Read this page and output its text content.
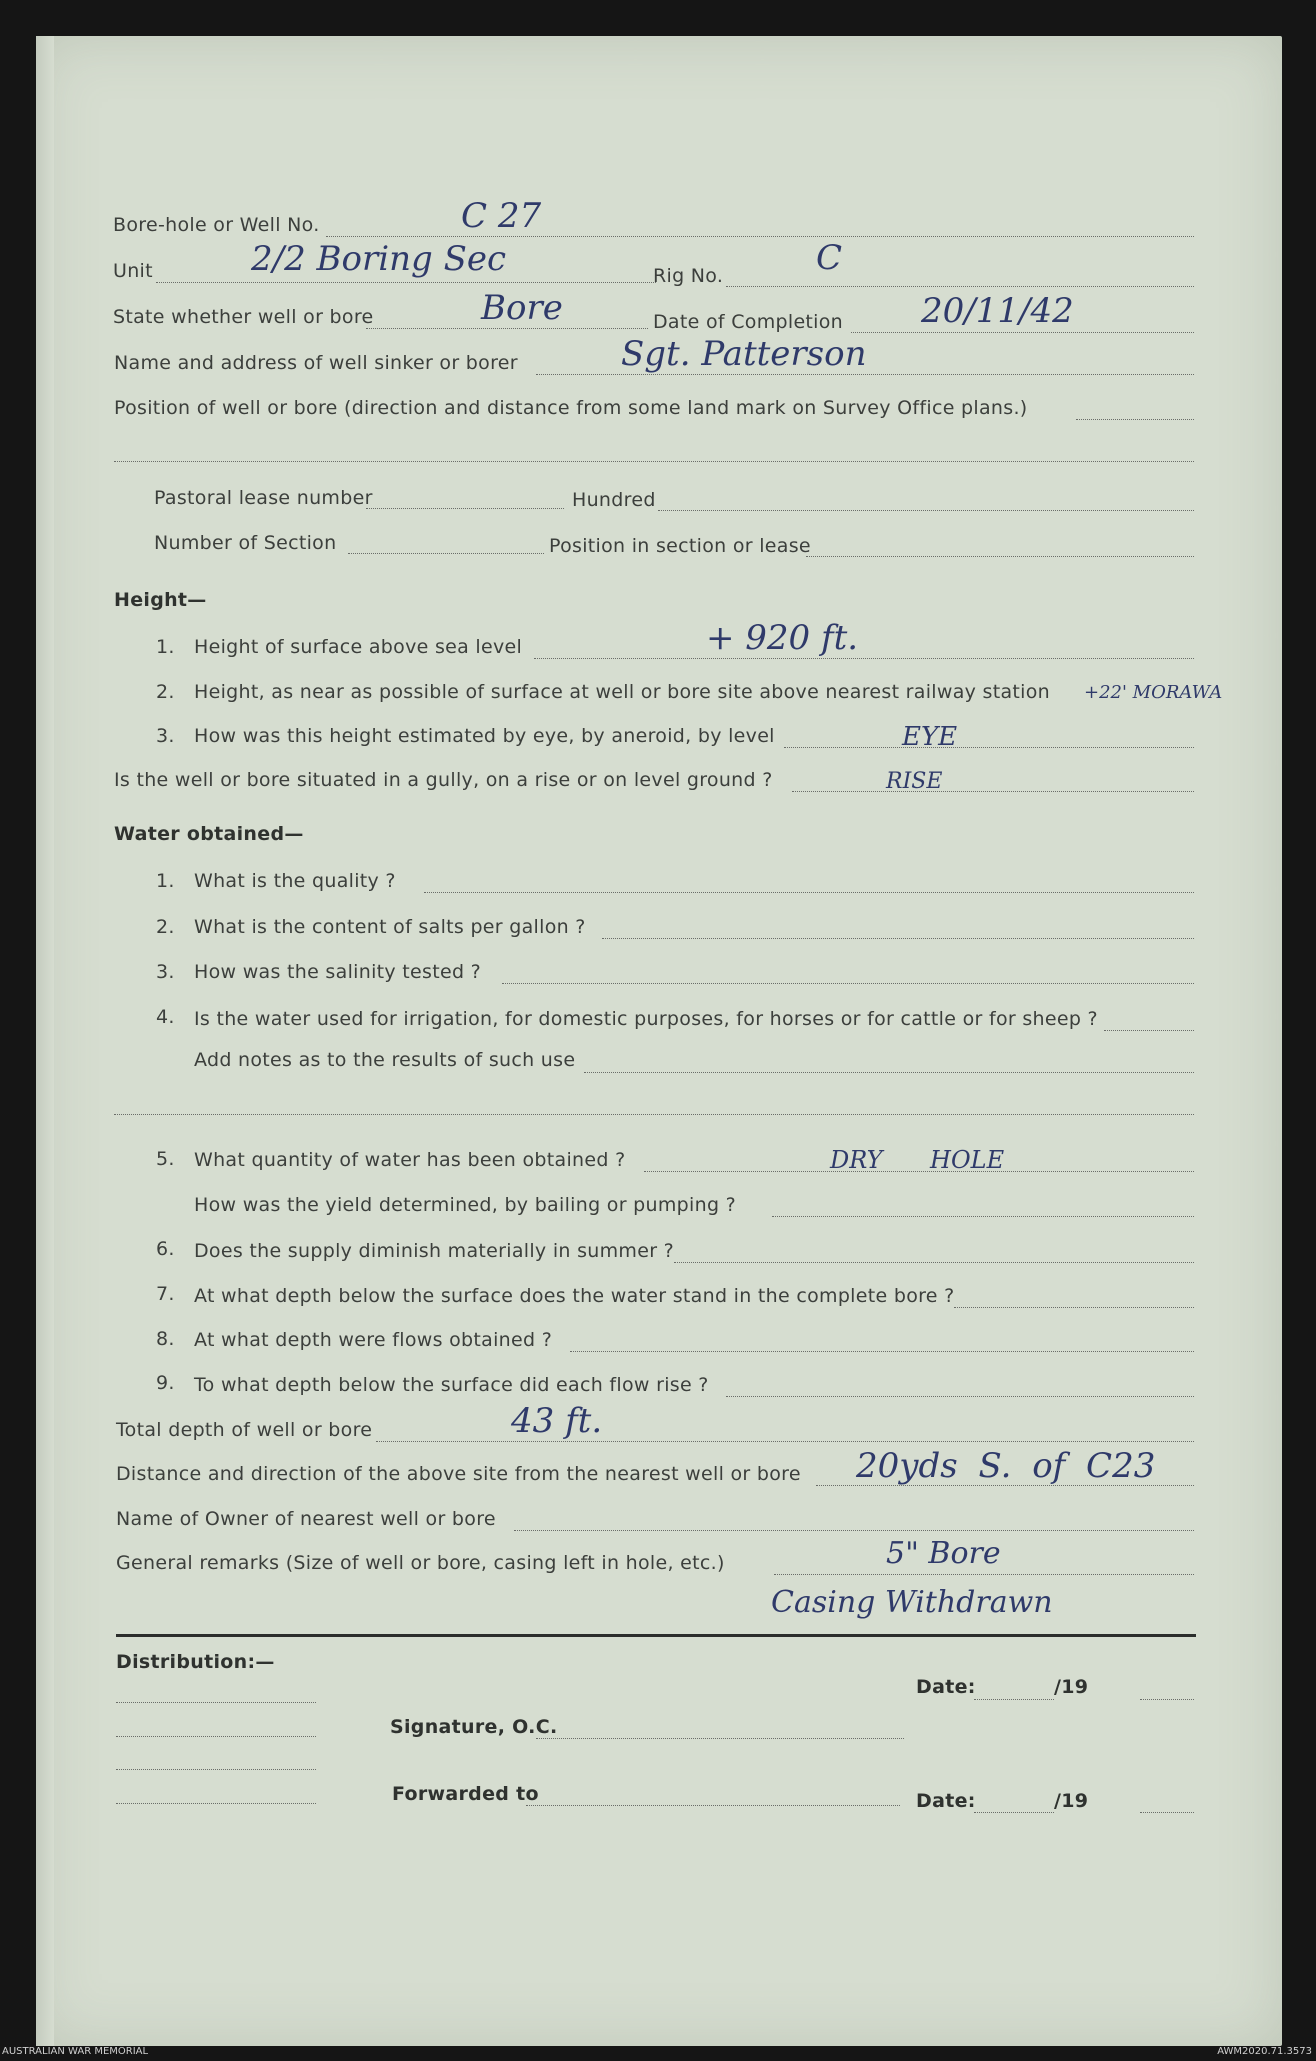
Bore-hole or Well No.	C 27
Unit	2/2 Boring Sec	Rig No.	C
State whether well or bore	Bore	Date of Completion 20/11/42
Name and address of well sinker or borer	Sgt. Patterson
Position of well or bore (direction and distance from some land mark on Survey Office plans.)
Pastoral lease number	Hundred
Number of Section	Position in section or lease
Height—
1. Height of surface above sea level	+ 920 ft.
2. Height, as near as possible of surface at well or bore site above nearest railway station +22' MORAWA
3. How was this height estimated by eye, by aneroid, by level	EYE
Is the well or bore situated in a gully, on a rise or on level ground ?	RISE
Water obtained—
1. What is the quality ?
2. What is the content of salts per gallon ?
3. How was the salinity tested ?
4. Is the water used for irrigation, for domestic purposes, for horses or for cattle or for sheep ?
Add notes as to the results of such use
5. What quantity of water has been obtained ?	DRY HOLE
How was the yield determined, by bailing or pumping ?
6. Does the supply diminish materially in summer ?
7. At what depth below the surface does the water stand in the complete bore ?
8. At what depth were flows obtained ?
9. To what depth below the surface did each flow rise ?
Total depth of well or bore	43 ft.
Distance and direction of the above site from the nearest well or bore 20yds S. of C23
Name of Owner of nearest well or bore
General remarks (Size of well or bore, casing left in hole, etc.)	5" Bore
Casing Withdrawn
Distribution:—
Date:	/19
Signature, O.C.
Forwarded to	Date:	/19
AUSTRALIAN WAR MEMORIAL	AWM2020.71.3573
